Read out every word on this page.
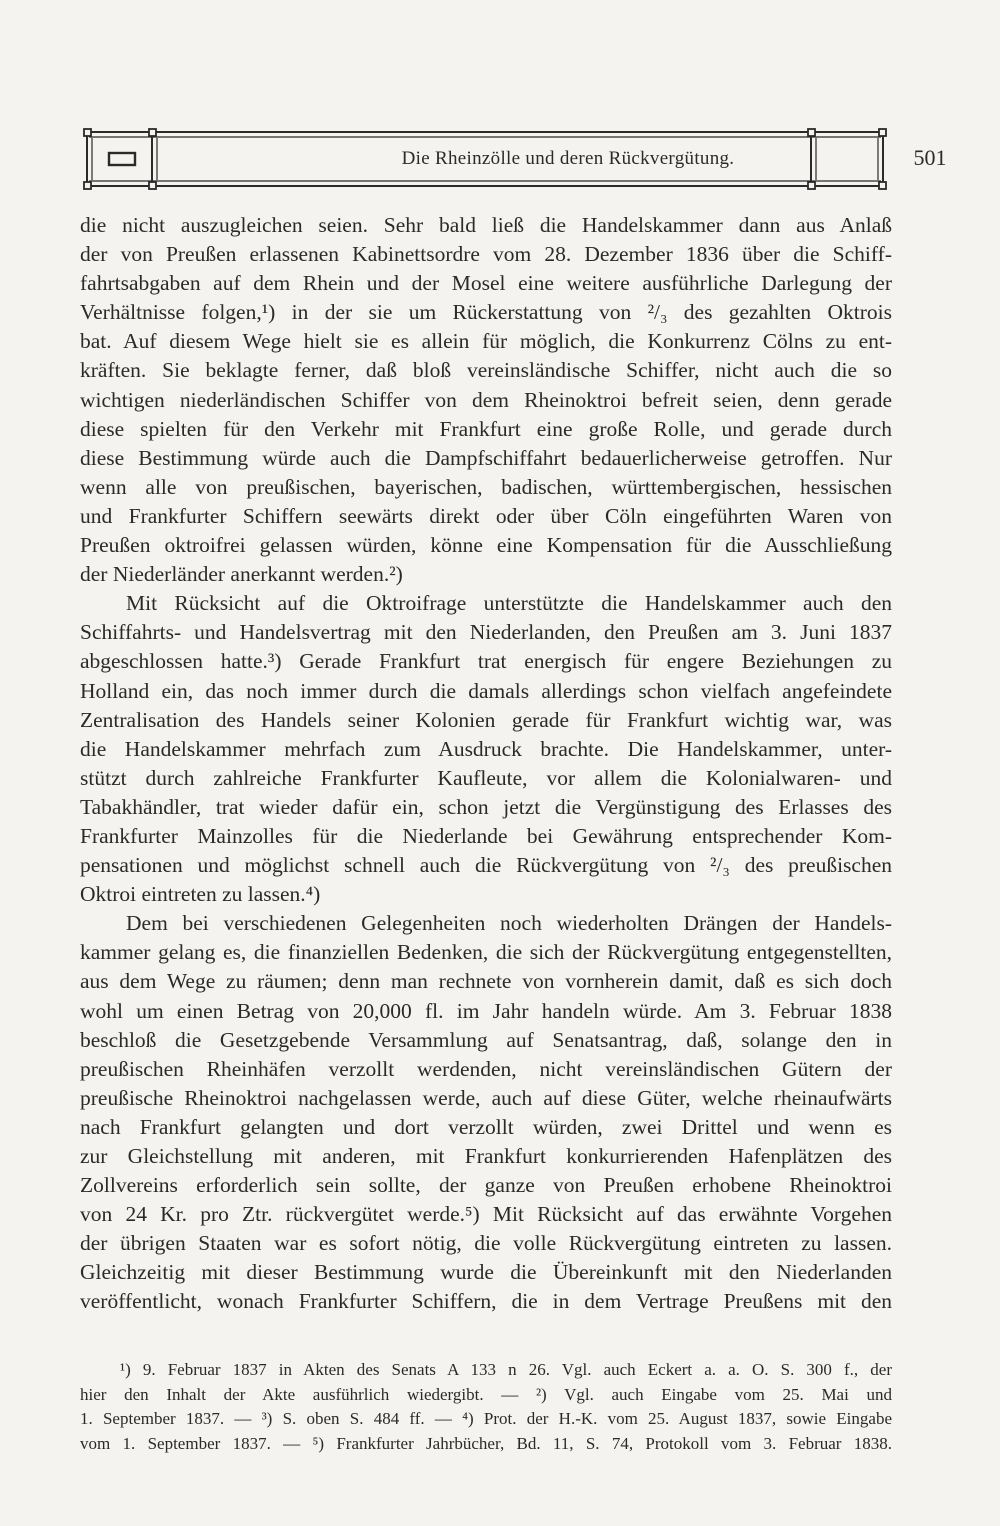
Die Rheinzölle und deren Rückvergütung.	501
die nicht auszugleichen seien. Sehr bald ließ die Handelskammer dann aus Anlaß
der von Preußen erlassenen Kabinettsordre vom 28. Dezember 1836 über die Schiff-
fahrtsabgaben auf dem Rhein und der Mosel eine weitere ausführliche Darlegung der
Verhältnisse folgen,¹) in der sie um Rückerstattung von ²/₃ des gezahlten Oktrois
bat. Auf diesem Wege hielt sie es allein für möglich, die Konkurrenz Cölns zu ent-
kräften. Sie beklagte ferner, daß bloß vereinsländische Schiffer, nicht auch die so
wichtigen niederländischen Schiffer von dem Rheinoktroi befreit seien, denn gerade
diese spielten für den Verkehr mit Frankfurt eine große Rolle, und gerade durch
diese Bestimmung würde auch die Dampfschiffahrt bedauerlicherweise getroffen. Nur
wenn alle von preußischen, bayerischen, badischen, württembergischen, hessischen
und Frankfurter Schiffern seewärts direkt oder über Cöln eingeführten Waren von
Preußen oktroifrei gelassen würden, könne eine Kompensation für die Ausschließung
der Niederländer anerkannt werden.²)
Mit Rücksicht auf die Oktroifrage unterstützte die Handelskammer auch den
Schiffahrts- und Handelsvertrag mit den Niederlanden, den Preußen am 3. Juni 1837
abgeschlossen hatte.³) Gerade Frankfurt trat energisch für engere Beziehungen zu
Holland ein, das noch immer durch die damals allerdings schon vielfach angefeindete
Zentralisation des Handels seiner Kolonien gerade für Frankfurt wichtig war, was
die Handelskammer mehrfach zum Ausdruck brachte. Die Handelskammer, unter-
stützt durch zahlreiche Frankfurter Kaufleute, vor allem die Kolonialwaren- und
Tabakhändler, trat wieder dafür ein, schon jetzt die Vergünstigung des Erlasses des
Frankfurter Mainzolles für die Niederlande bei Gewährung entsprechender Kom-
pensationen und möglichst schnell auch die Rückvergütung von ²/₃ des preußischen
Oktroi eintreten zu lassen.⁴)
Dem bei verschiedenen Gelegenheiten noch wiederholten Drängen der Handels-
kammer gelang es, die finanziellen Bedenken, die sich der Rückvergütung entgegenstellten,
aus dem Wege zu räumen; denn man rechnete von vornherein damit, daß es sich doch
wohl um einen Betrag von 20,000 fl. im Jahr handeln würde. Am 3. Februar 1838
beschloß die Gesetzgebende Versammlung auf Senatsantrag, daß, solange den in
preußischen Rheinhäfen verzollt werdenden, nicht vereinsländischen Gütern der
preußische Rheinoktroi nachgelassen werde, auch auf diese Güter, welche rheinaufwärts
nach Frankfurt gelangten und dort verzollt würden, zwei Drittel und wenn es
zur Gleichstellung mit anderen, mit Frankfurt konkurrierenden Hafenplätzen des
Zollvereins erforderlich sein sollte, der ganze von Preußen erhobene Rheinoktroi
von 24 Kr. pro Ztr. rückvergütet werde.⁵) Mit Rücksicht auf das erwähnte Vorgehen
der übrigen Staaten war es sofort nötig, die volle Rückvergütung eintreten zu lassen.
Gleichzeitig mit dieser Bestimmung wurde die Übereinkunft mit den Niederlanden
veröffentlicht, wonach Frankfurter Schiffern, die in dem Vertrage Preußens mit den
¹) 9. Februar 1837 in Akten des Senats A 133 n 26. Vgl. auch Eckert a. a. O. S. 300 f., der
hier den Inhalt der Akte ausführlich wiedergibt. — ²) Vgl. auch Eingabe vom 25. Mai und
1. September 1837. — ³) S. oben S. 484 ff. — ⁴) Prot. der H.-K. vom 25. August 1837, sowie Eingabe
vom 1. September 1837. — ⁵) Frankfurter Jahrbücher, Bd. 11, S. 74, Protokoll vom 3. Februar 1838.
